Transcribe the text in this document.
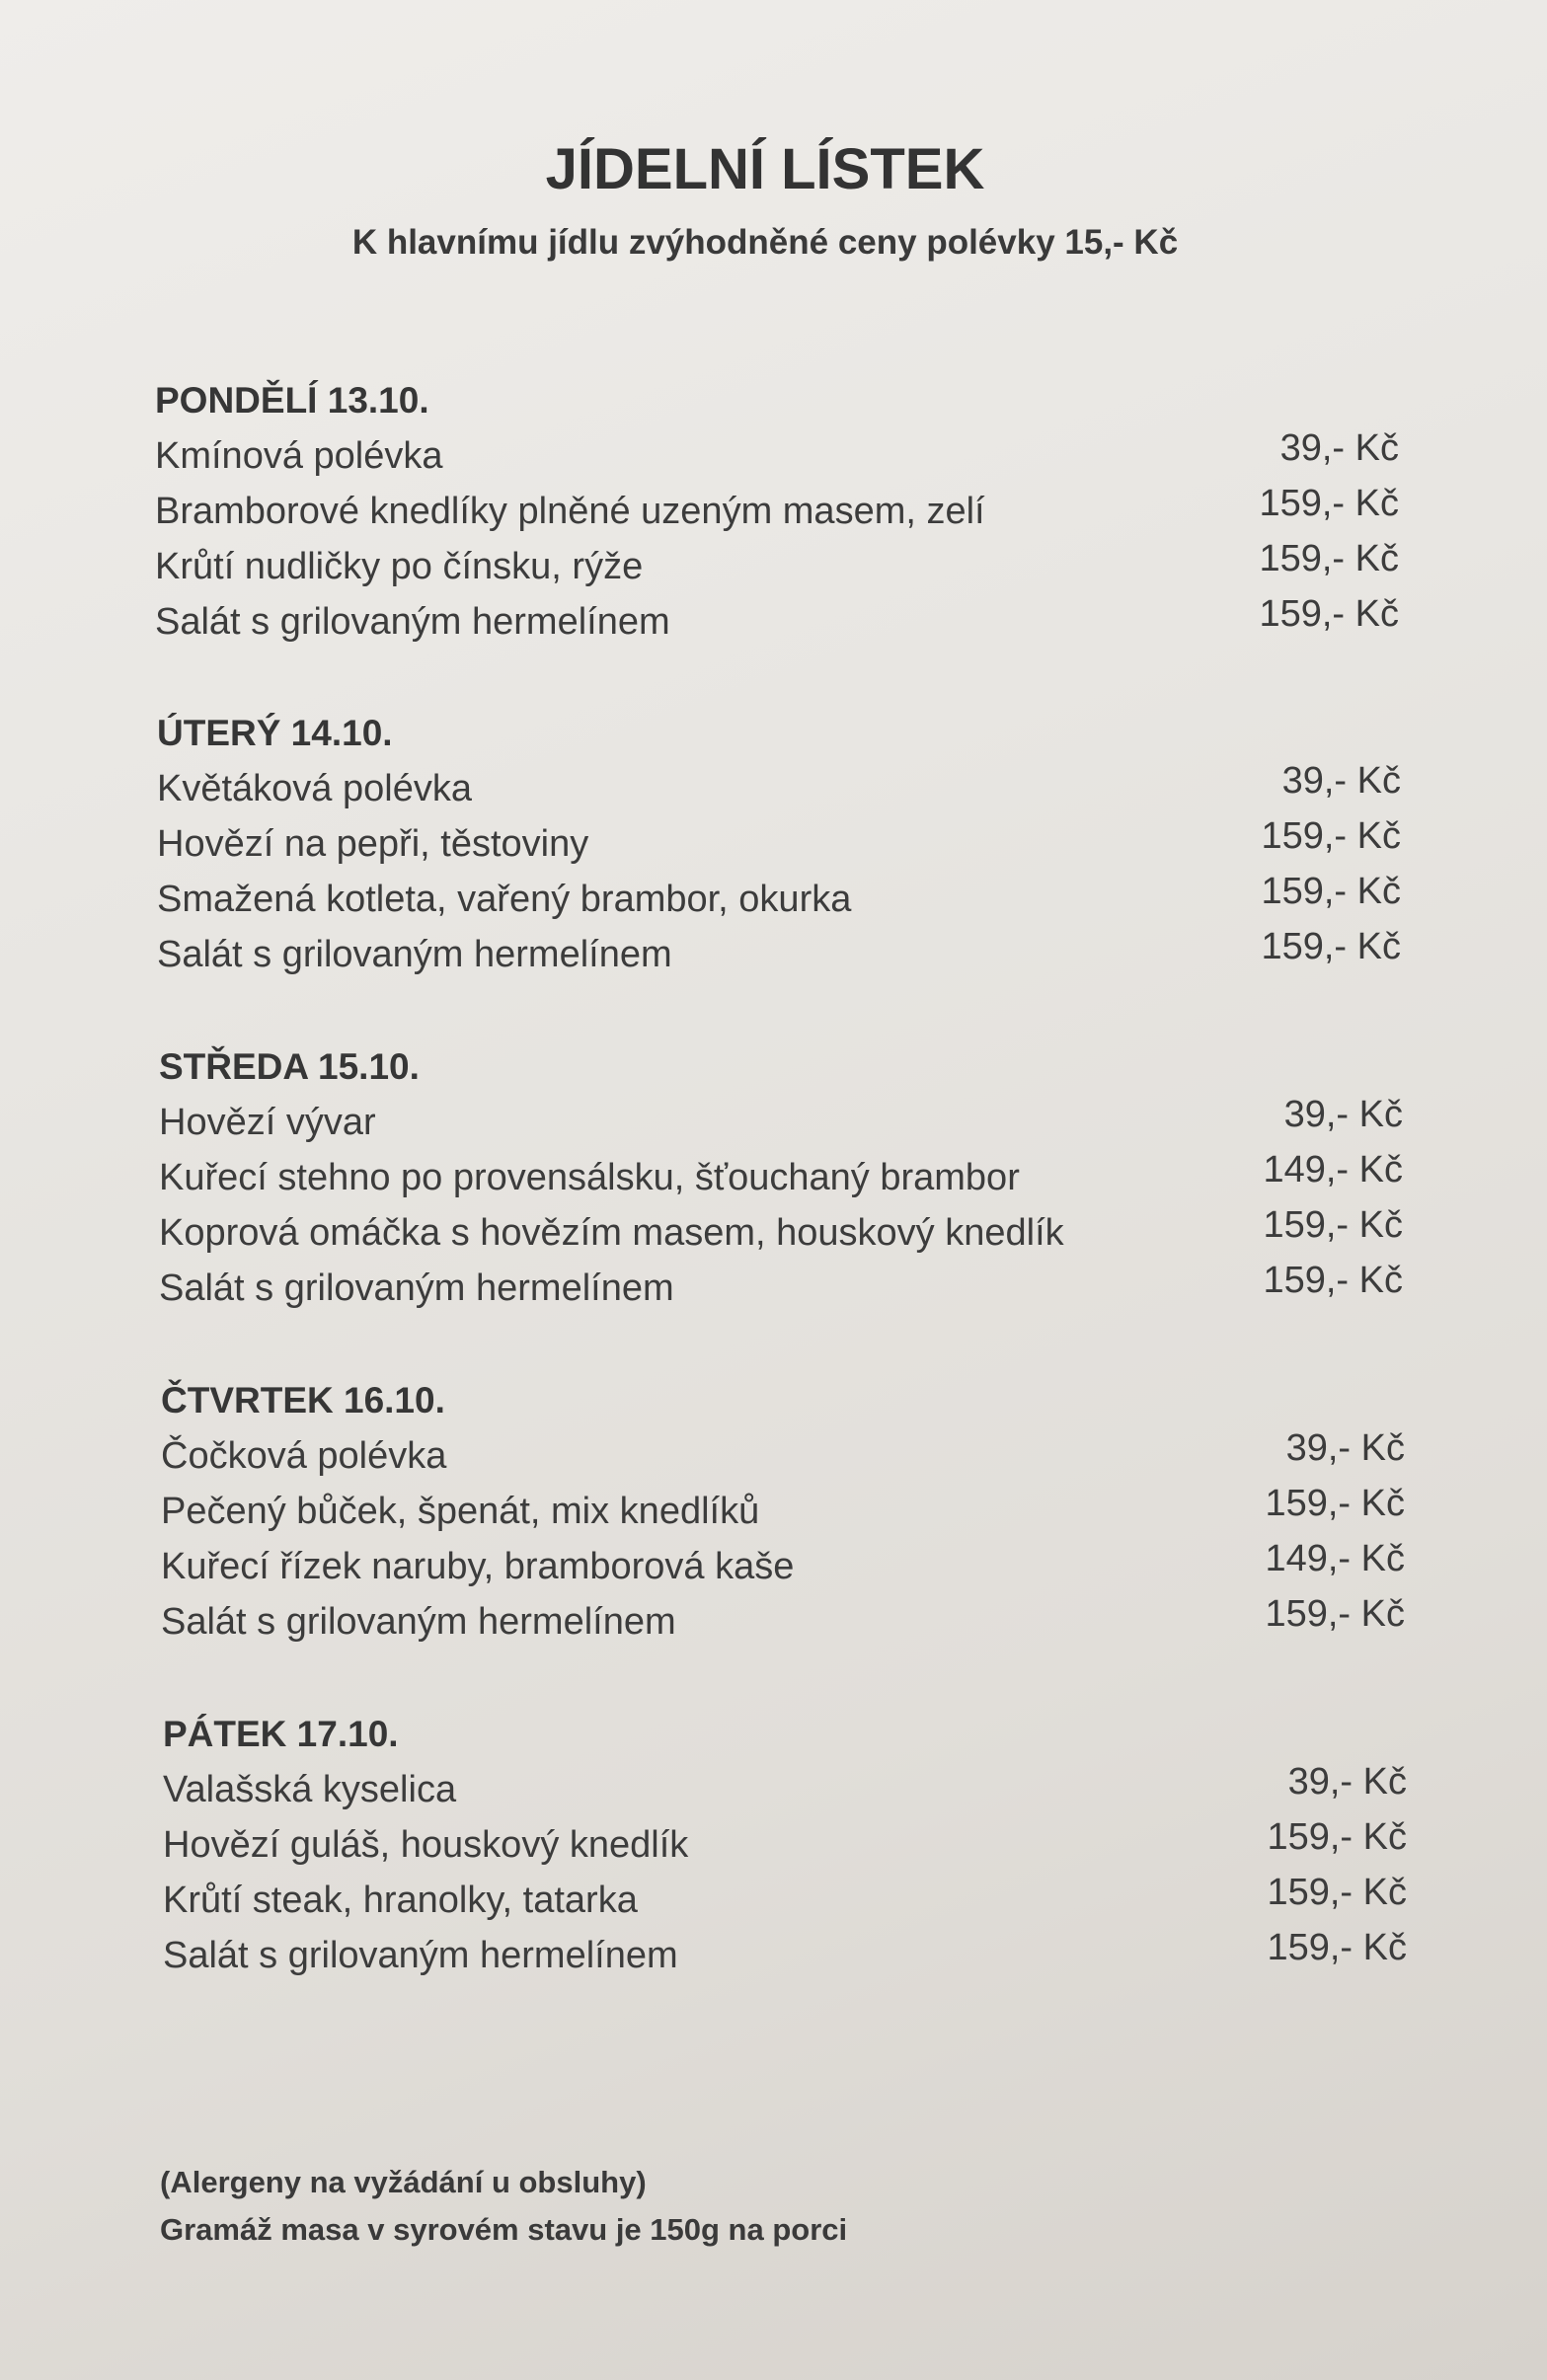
JÍDELNÍ LÍSTEK
K hlavnímu jídlu zvýhodněné ceny polévky 15,- Kč
PONDĚLÍ 13.10.
Kmínová polévka	39,- Kč
Bramborové knedlíky plněné uzeným masem, zelí	159,- Kč
Krůtí nudličky po čínsku, rýže	159,- Kč
Salát s grilovaným hermelínem	159,- Kč
ÚTERÝ 14.10.
Květáková polévka	39,- Kč
Hovězí na pepři, těstoviny	159,- Kč
Smažená kotleta, vařený brambor, okurka	159,- Kč
Salát s grilovaným hermelínem	159,- Kč
STŘEDA 15.10.
Hovězí vývar	39,- Kč
Kuřecí stehno po provensálsku, šťouchaný brambor	149,- Kč
Koprová omáčka s hovězím masem, houskový knedlík	159,- Kč
Salát s grilovaným hermelínem	159,- Kč
ČTVRTEK 16.10.
Čočková polévka	39,- Kč
Pečený bůček, špenát, mix knedlíků	159,- Kč
Kuřecí řízek naruby, bramborová kaše	149,- Kč
Salát s grilovaným hermelínem	159,- Kč
PÁTEK 17.10.
Valašská kyselica	39,- Kč
Hovězí guláš, houskový knedlík	159,- Kč
Krůtí steak, hranolky, tatarka	159,- Kč
Salát s grilovaným hermelínem	159,- Kč
(Alergeny na vyžádání u obsluhy)
Gramáž masa v syrovém stavu je 150g na porci
